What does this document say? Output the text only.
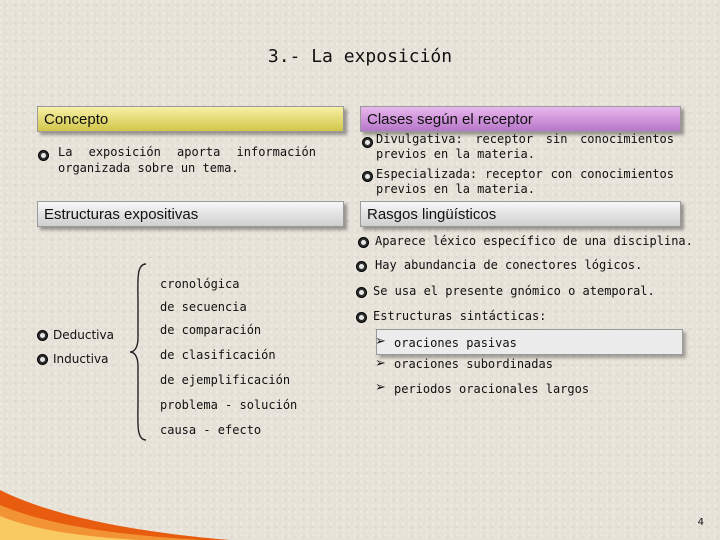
3.- La exposición
Concepto
La exposición aporta información organizada sobre un tema.
Estructuras expositivas
Deductiva
Inductiva
cronológica
de secuencia
de comparación
de clasificación
de ejemplificación
problema - solución
causa - efecto
Clases según el receptor
Divulgativa: receptor sin conocimientos previos en la materia.
Especializada: receptor con conocimientos previos en la materia.
Rasgos lingüísticos
Aparece léxico específico de una disciplina.
Hay abundancia de conectores lógicos.
Se usa el presente gnómico o atemporal.
Estructuras sintácticas:
➢ oraciones pasivas
➢ oraciones subordinadas
➢ periodos oracionales largos
4
